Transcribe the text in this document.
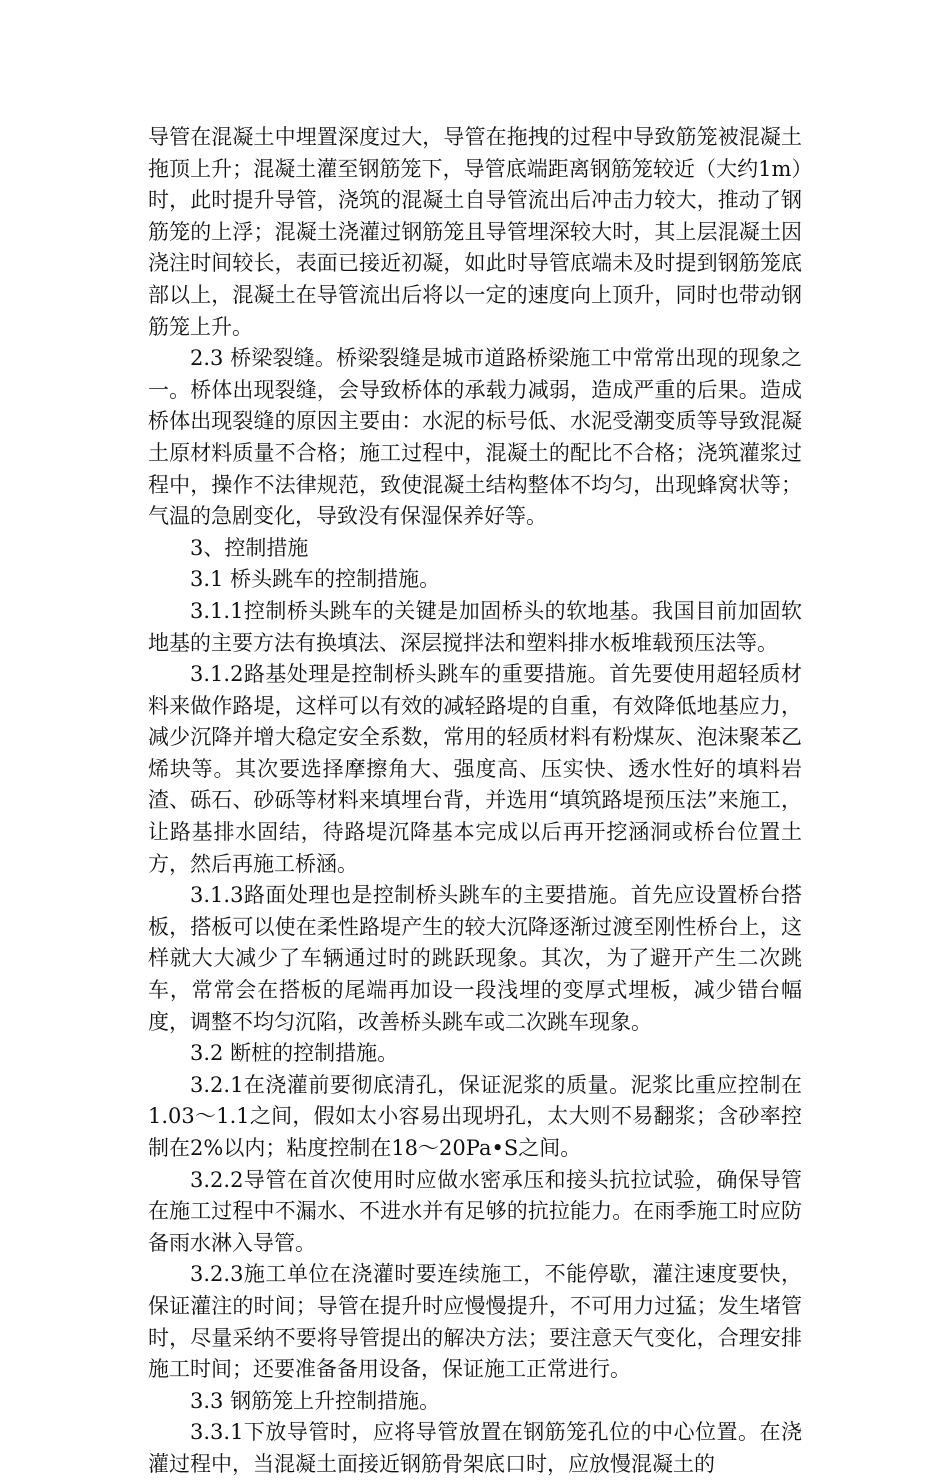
导管在混凝土中埋置深度过大，导管在拖拽的过程中导致筋笼被混凝土拖顶上升；混凝土灌至钢筋笼下，导管底端距离钢筋笼较近（大约1m）时，此时提升导管，浇筑的混凝土自导管流出后冲击力较大，推动了钢筋笼的上浮；混凝土浇灌过钢筋笼且导管埋深较大时，其上层混凝土因浇注时间较长，表面已接近初凝，如此时导管底端未及时提到钢筋笼底部以上，混凝土在导管流出后将以一定的速度向上顶升，同时也带动钢筋笼上升。

2.3 桥梁裂缝。桥梁裂缝是城市道路桥梁施工中常常出现的现象之一。桥体出现裂缝，会导致桥体的承载力减弱，造成严重的后果。造成桥体出现裂缝的原因主要由：水泥的标号低、水泥受潮变质等导致混凝土原材料质量不合格；施工过程中，混凝土的配比不合格；浇筑灌浆过程中，操作不法律规范，致使混凝土结构整体不均匀，出现蜂窝状等；气温的急剧变化，导致没有保湿保养好等。

3、控制措施

3.1 桥头跳车的控制措施。

3.1.1控制桥头跳车的关键是加固桥头的软地基。我国目前加固软地基的主要方法有换填法、深层搅拌法和塑料排水板堆载预压法等。

3.1.2路基处理是控制桥头跳车的重要措施。首先要使用超轻质材料来做作路堤，这样可以有效的减轻路堤的自重，有效降低地基应力，减少沉降并增大稳定安全系数，常用的轻质材料有粉煤灰、泡沫聚苯乙烯块等。其次要选择摩擦角大、强度高、压实快、透水性好的填料岩渣、砾石、砂砾等材料来填埋台背，并选用“填筑路堤预压法”来施工，让路基排水固结，待路堤沉降基本完成以后再开挖涵洞或桥台位置土方，然后再施工桥涵。

3.1.3路面处理也是控制桥头跳车的主要措施。首先应设置桥台搭板，搭板可以使在柔性路堤产生的较大沉降逐渐过渡至刚性桥台上，这样就大大减少了车辆通过时的跳跃现象。其次，为了避开产生二次跳车，常常会在搭板的尾端再加设一段浅埋的变厚式埋板，减少错台幅度，调整不均匀沉陷，改善桥头跳车或二次跳车现象。

3.2 断桩的控制措施。

3.2.1在浇灌前要彻底清孔，保证泥浆的质量。泥浆比重应控制在1.03～1.1之间，假如太小容易出现坍孔，太大则不易翻浆；含砂率控制在2%以内；粘度控制在18～20Pa•S之间。

3.2.2导管在首次使用时应做水密承压和接头抗拉试验，确保导管在施工过程中不漏水、不进水并有足够的抗拉能力。在雨季施工时应防备雨水淋入导管。

3.2.3施工单位在浇灌时要连续施工，不能停歇，灌注速度要快，保证灌注的时间；导管在提升时应慢慢提升，不可用力过猛；发生堵管时，尽量采纳不要将导管提出的解决方法；要注意天气变化，合理安排施工时间；还要准备备用设备，保证施工正常进行。

3.3 钢筋笼上升控制措施。

3.3.1下放导管时，应将导管放置在钢筋笼孔位的中心位置。在浇灌过程中，当混凝土面接近钢筋骨架底口时，应放慢混凝土的
